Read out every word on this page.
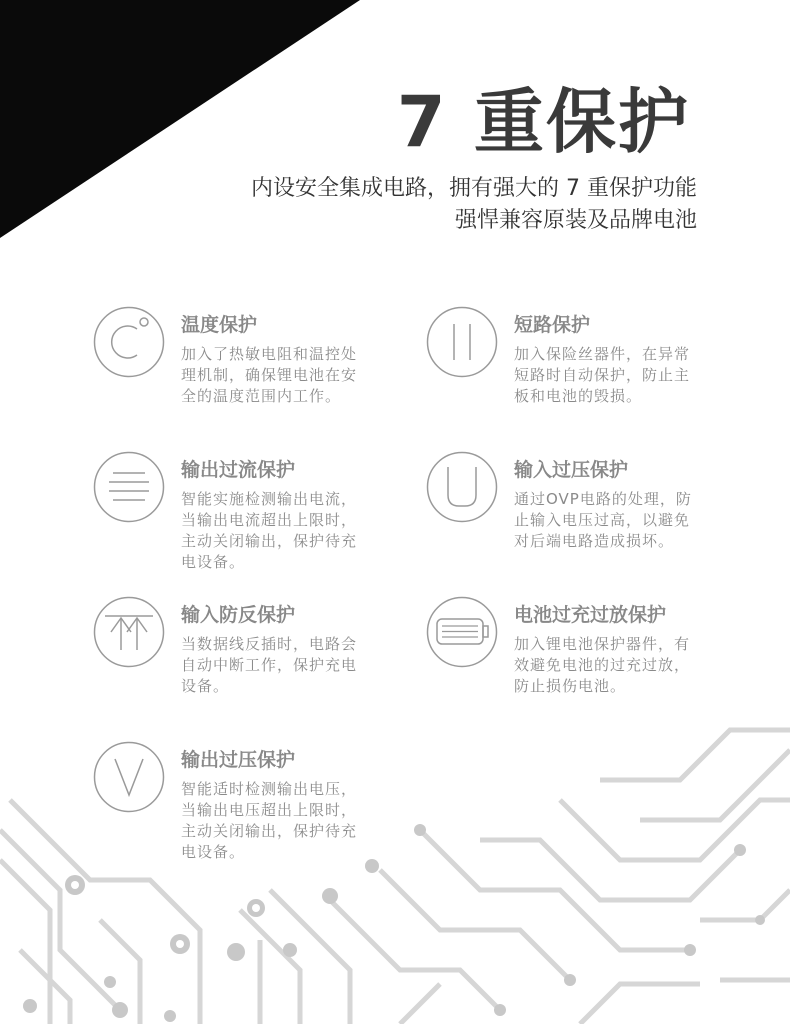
7 重保护
内设安全集成电路，拥有强大的 7 重保护功能
强悍兼容原装及品牌电池
温度保护
加入了热敏电阻和温控处理机制，确保锂电池在安全的温度范围内工作。
短路保护
加入保险丝器件，在异常短路时自动保护，防止主板和电池的毁损。
输出过流保护
智能实施检测输出电流，当输出电流超出上限时，主动关闭输出，保护待充电设备。
输入过压保护
通过OVP电路的处理，防止输入电压过高，以避免对后端电路造成损坏。
输入防反保护
当数据线反插时，电路会自动中断工作，保护充电设备。
电池过充过放保护
加入锂电池保护器件，有效避免电池的过充过放，防止损伤电池。
输出过压保护
智能适时检测输出电压，当输出电压超出上限时，主动关闭输出，保护待充电设备。
